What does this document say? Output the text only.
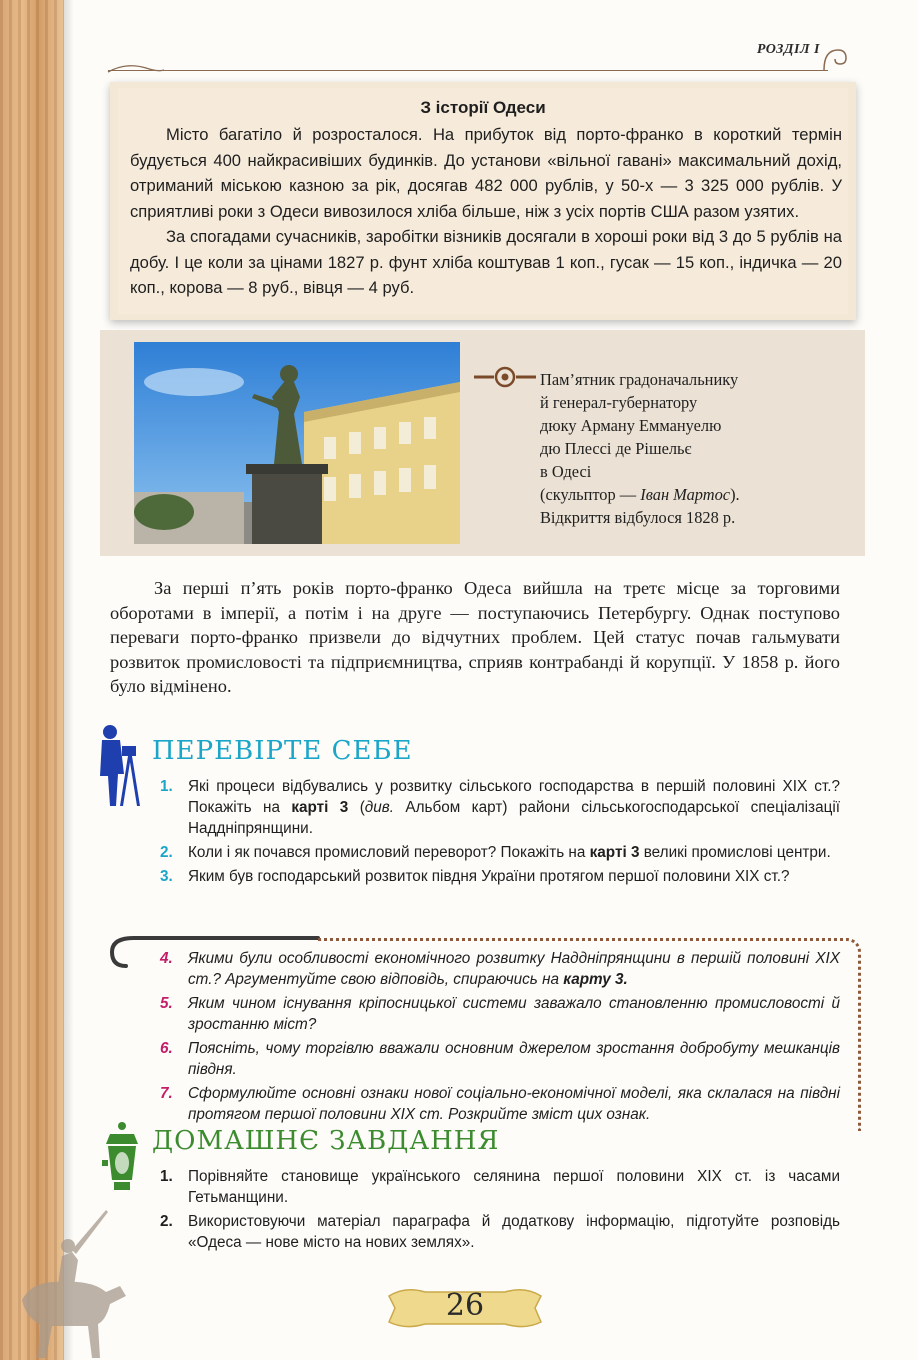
РОЗДІЛ I
З історії Одеси

Місто багатіло й розросталося. На прибуток від порто-франко в короткий термін будується 400 найкрасивіших будинків. До установи «вільної гавані» максимальний дохід, отриманий міською казною за рік, досягав 482 000 рублів, у 50-х — 3 325 000 рублів. У сприятливі роки з Одеси вивозилося хліба більше, ніж з усіх портів США разом узятих.

За спогадами сучасників, заробітки візників досягали в хороші роки від 3 до 5 рублів на добу. І це коли за цінами 1827 р. фунт хліба коштував 1 коп., гусак — 15 коп., індичка — 20 коп., корова — 8 руб., вівця — 4 руб.

Пам’ятник градоначальнику
й генерал-губернатору
дюку Арману Еммануелю
дю Плессі де Рішельє
в Одесі
(скульптор — Іван Мартос).
Відкриття відбулося 1828 р.

За перші п’ять років порто-франко Одеса вийшла на третє місце за торговими оборотами в імперії, а потім і на друге — поступаючись Петербургу. Однак поступово переваги порто-франко призвели до відчутних проблем. Цей статус почав гальмувати розвиток промисловості та підприємництва, сприяв контрабанді й корупції. У 1858 р. його було відмінено.

ПЕРЕВІРТЕ СЕБЕ
1. Які процеси відбувались у розвитку сільського господарства в першій половині XIX ст.? Покажіть на карті 3 (див. Альбом карт) райони сільськогосподарської спеціалізації Наддніпрянщини.
2. Коли і як почався промисловий переворот? Покажіть на карті 3 великі промислові центри.
3. Яким був господарський розвиток півдня України протягом першої половини XIX ст.?
4. Якими були особливості економічного розвитку Наддніпрянщини в першій половині XIX ст.? Аргументуйте свою відповідь, спираючись на карту 3.
5. Яким чином існування кріпосницької системи заважало становленню промисловості й зростанню міст?
6. Поясніть, чому торгівлю вважали основним джерелом зростання добробуту мешканців півдня.
7. Сформулюйте основні ознаки нової соціально-економічної моделі, яка склалася на півдні протягом першої половини XIX ст. Розкрийте зміст цих ознак.
ДОМАШНЄ ЗАВДАННЯ
1. Порівняйте становище українського селянина першої половини XIX ст. із часами Гетьманщини.
2. Використовуючи матеріал параграфа й додаткову інформацію, підготуйте розповідь «Одеса — нове місто на нових землях».
26
